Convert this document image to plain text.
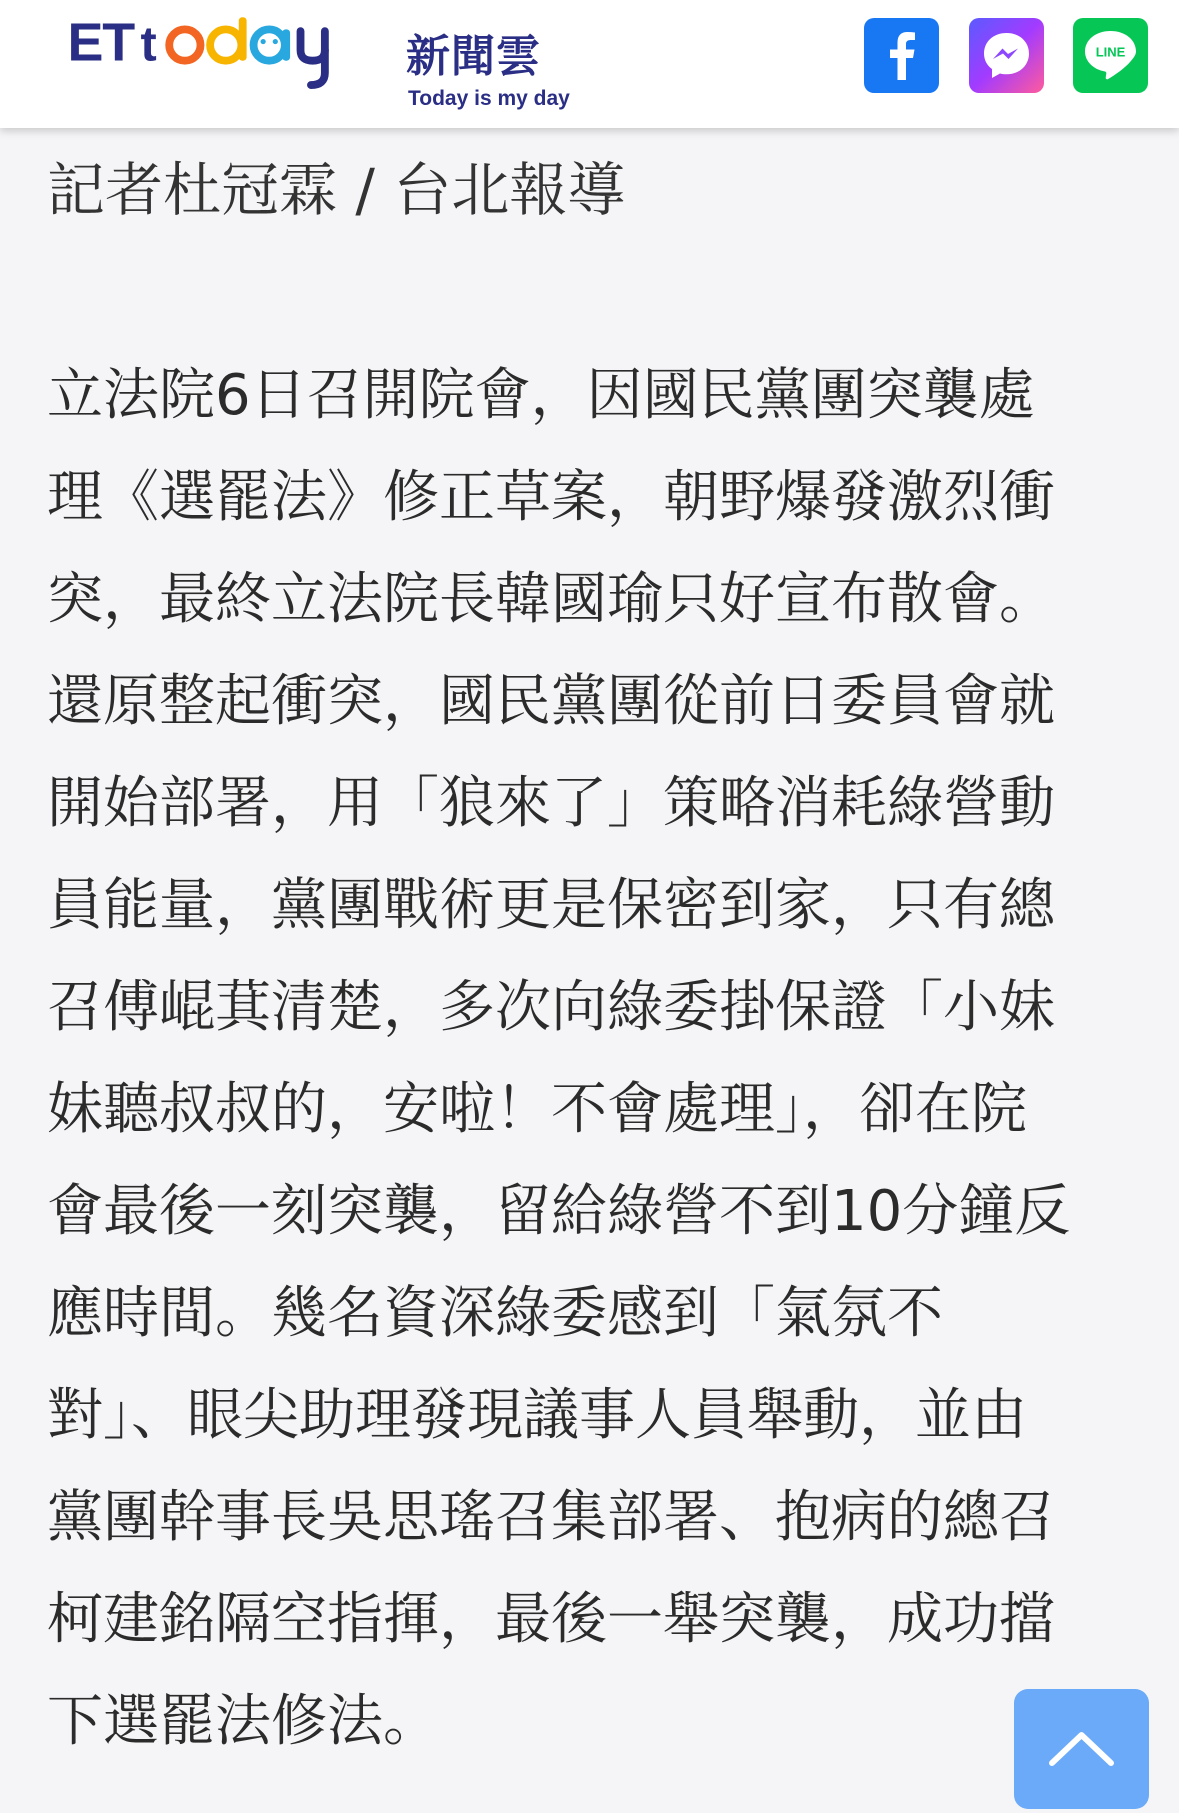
E
T t	新聞雲
Today is my day
LINE
記者杜冠霖 / 台北報導

立法院6日召開院會，因國民黨團突襲處
理《選罷法》修正草案，朝野爆發激烈衝
突，最終立法院長韓國瑜只好宣布散會。
還原整起衝突，國民黨團從前日委員會就
開始部署，用「狼來了」策略消耗綠營動
員能量，黨團戰術更是保密到家，只有總
召傅崐萁清楚，多次向綠委掛保證「小妹
妹聽叔叔的，安啦！不會處理」，卻在院
會最後一刻突襲，留給綠營不到10分鐘反
應時間。幾名資深綠委感到「氣氛不
對」、眼尖助理發現議事人員舉動，並由
黨團幹事長吳思瑤召集部署、抱病的總召
柯建銘隔空指揮，最後一舉突襲，成功擋
下選罷法修法。
